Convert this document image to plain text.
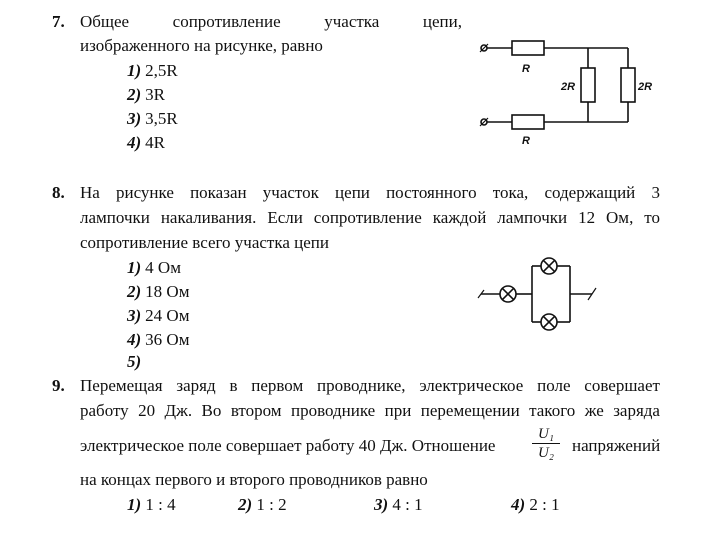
7. Общее	сопротивление	участка	цепи,
изображенного на рисунке, равно
1) 2,5R
2) 3R
3) 3,5R
4) 4R
R
R
2R	2R
8. На рисунке показан участок цепи постоянного тока, содержащий 3
лампочки накаливания. Если сопротивление каждой лампочки 12 Ом, то
сопротивление всего участка цепи
1) 4 Ом
2) 18 Ом
3) 24 Ом
4) 36 Ом
5)
9. Перемещая заряд в первом проводнике, электрическое поле совершает
работу 20 Дж. Во втором проводнике при перемещении такого же заряда
электрическое поле совершает работу 40 Дж. Отношение $\frac{\text{U₁}}{\text{U₂}}$ напряжений
на концах первого и второго проводников равно
1) 1 : 4	2) 1 : 2	3) 4 : 1	4) 2 : 1
